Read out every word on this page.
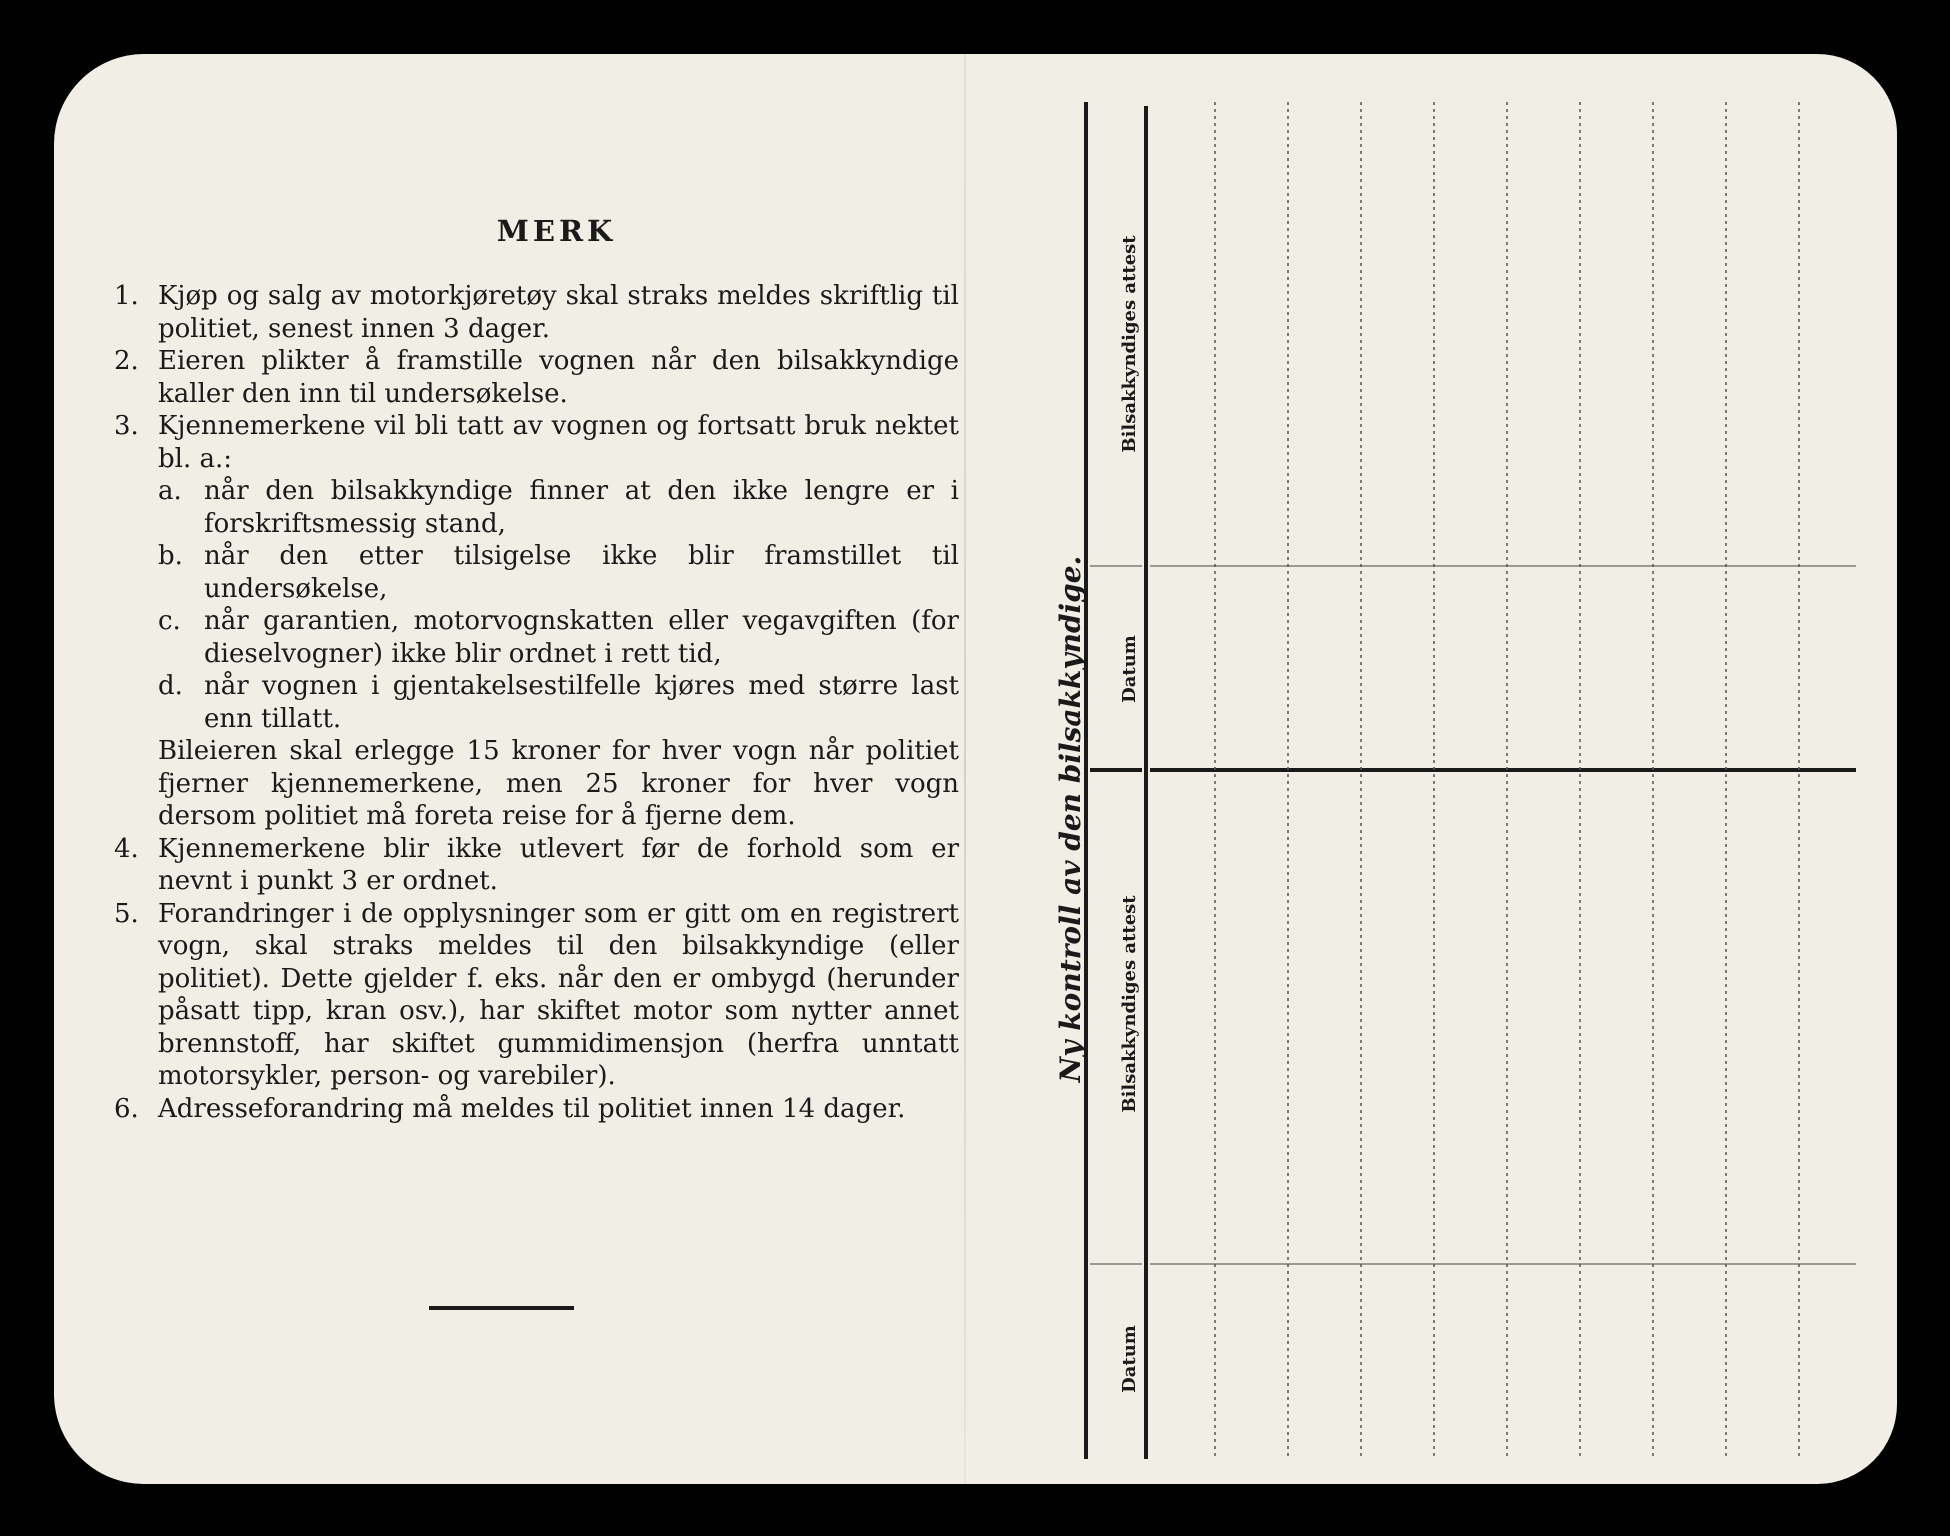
MERK
1. Kjøp og salg av motorkjøretøy skal straks meldes skriftlig til politiet, senest innen 3 dager.
2. Eieren plikter å framstille vognen når den bilsakkyndige kaller den inn til undersøkelse.
3. Kjennemerkene vil bli tatt av vognen og fortsatt bruk nektet bl. a.:
a. når den bilsakkyndige finner at den ikke lengre er i forskriftsmessig stand,
b. når den etter tilsigelse ikke blir framstillet til undersøkelse,
c. når garantien, motorvognskatten eller vegavgiften (for dieselvogner) ikke blir ordnet i rett tid,
d. når vognen i gjentakelsestilfelle kjøres med større last enn tillatt.
Bileieren skal erlegge 15 kroner for hver vogn når politiet fjerner kjennemerkene, men 25 kroner for hver vogn dersom politiet må foreta reise for å fjerne dem.
4. Kjennemerkene blir ikke utlevert før de forhold som er nevnt i punkt 3 er ordnet.
5. Forandringer i de opplysninger som er gitt om en registrert vogn, skal straks meldes til den bilsakkyndige (eller politiet). Dette gjelder f. eks. når den er ombygd (herunder påsatt tipp, kran osv.), har skiftet motor som nytter annet brennstoff, har skiftet gummidimensjon (herfra unntatt motorsykler, person- og varebiler).
6. Adresseforandring må meldes til politiet innen 14 dager.
Ny kontroll av den bilsakkyndige.
Bilsakkyndiges attest
Datum
Bilsakkyndiges attest
Datum
